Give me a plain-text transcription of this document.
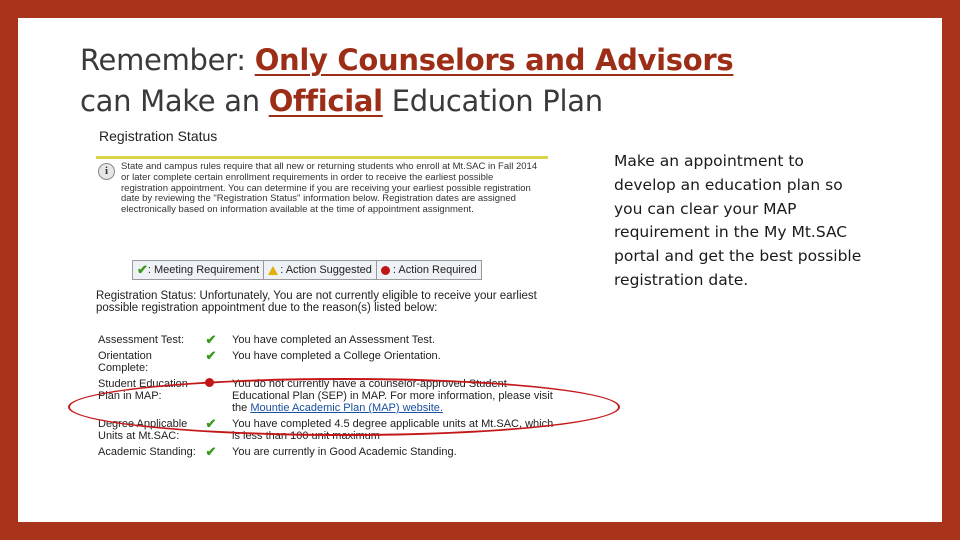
Remember: Only Counselors and Advisors
can Make an Official Education Plan
Make an appointment to develop an education plan so you can clear your MAP requirement in the My Mt.SAC portal and get the best possible registration date.
Registration Status
i	State and campus rules require that all new or returning students who enroll at Mt.SAC in Fall 2014 or later complete certain enrollment requirements in order to receive the earliest possible registration appointment. You can determine if you are receiving your earliest possible registration date by reviewing the "Registration Status" information below. Registration dates are assigned electronically based on information available at the time of appointment assignment.
✔ : Meeting Requirement : Action Suggested : Action Required
Registration Status: Unfortunately, You are not currently eligible to receive your earliest possible registration appointment due to the reason(s) listed below:
Assessment Test:	✔ You have completed an Assessment Test.
Orientation Complete:
✔ You have completed a College Orientation.
Student Education Plan in MAP:
You do not currently have a counselor-approved Student Educational Plan (SEP) in MAP. For more information, please visit the Mountie Academic Plan (MAP) website.
Degree Applicable Units at Mt.SAC:
✔ You have completed 4.5 degree applicable units at Mt.SAC, which is less than 100 unit maximum
Academic Standing: ✔ You are currently in Good Academic Standing.
